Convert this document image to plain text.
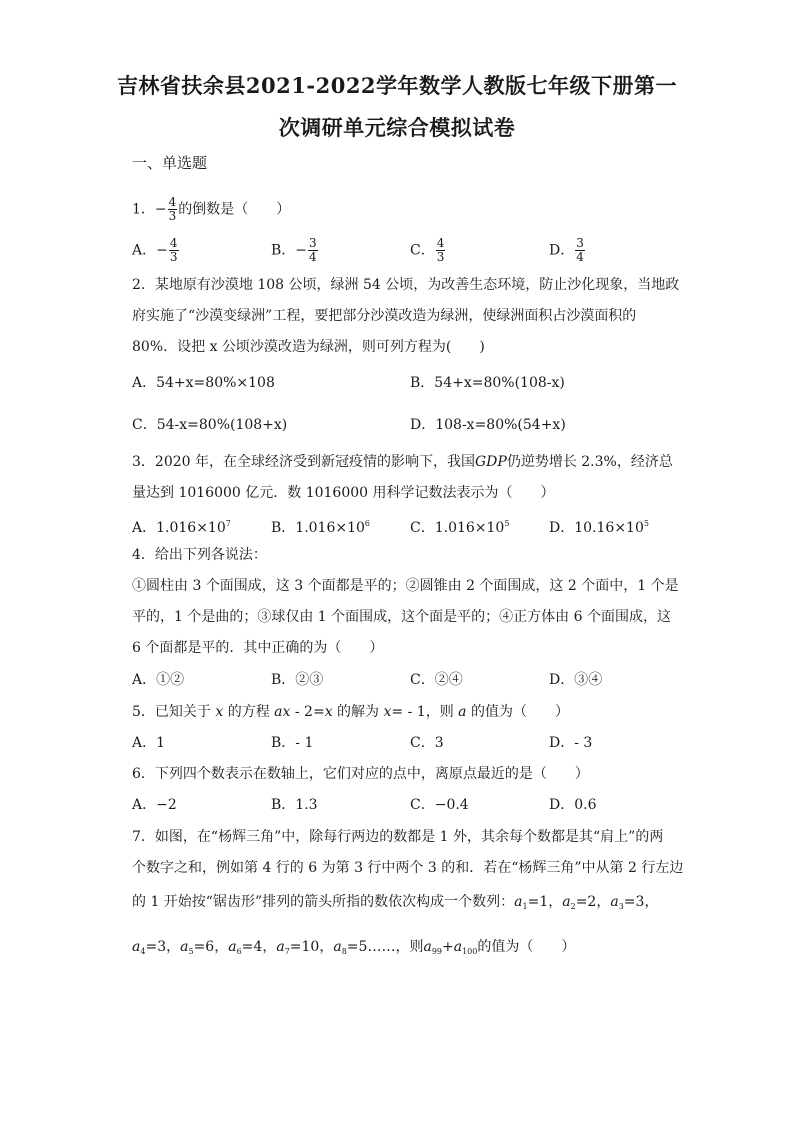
吉林省扶余县2021-2022学年数学人教版七年级下册第一
次调研单元综合模拟试卷
一、单选题
1．− $\frac{4}{3}$ 的倒数是（　　）
A．− $\frac{4}{3}$	B．− $\frac{3}{4}$	C． $\frac{4}{3}$	D． $\frac{3}{4}$
2．某地原有沙漠地 108 公顷，绿洲 54 公顷，为改善生态环境，防止沙化现象，当地政
府实施了“沙漠变绿洲”工程，要把部分沙漠改造为绿洲，使绿洲面积占沙漠面积的
80%．设把 x 公顷沙漠改造为绿洲，则可列方程为(　　)
A．54+x=80%×108	B．54+x=80%(108-x)
C．54-x=80%(108+x)	D．108-x=80%(54+x)
3．2020 年，在全球经济受到新冠疫情的影响下，我国GDP仍逆势增长 2.3%，经济总
量达到 1016000 亿元．数 1016000 用科学记数法表示为（　　）
A．$1.016\times 10^7$	B．$1.016\times 10^6$	C．$1.016\times 10^5$	D．$10.16\times 10^5$
4．给出下列各说法：
①圆柱由 3 个面围成，这 3 个面都是平的；②圆锥由 2 个面围成，这 2 个面中，1 个是
平的，1 个是曲的；③球仅由 1 个面围成，这个面是平的；④正方体由 6 个面围成，这
6 个面都是平的．其中正确的为（　　）
A．①②	B．②③	C．②④	D．③④
5．已知关于 x 的方程 ax - 2=x 的解为 x= - 1，则 a 的值为（　　）
A．1	B．- 1	C．3	D．- 3
6．下列四个数表示在数轴上，它们对应的点中，离原点最近的是（　　）
A．−2	B．1.3	C．−0.4	D．0.6
7．如图，在“杨辉三角”中，除每行两边的数都是 1 外，其余每个数都是其“肩上”的两
个数字之和，例如第 4 行的 6 为第 3 行中两个 3 的和．若在“杨辉三角”中从第 2 行左边
的 1 开始按“锯齿形”排列的箭头所指的数依次构成一个数列：$a_1=1$，$a_2=2$，$a_3=3$，
$a_4=3$，$a_5=6$，$a_6=4$，$a_7=10$，$a_8=5\dots\dots$，则$a_{99}+a_{100}$的值为（　　）
